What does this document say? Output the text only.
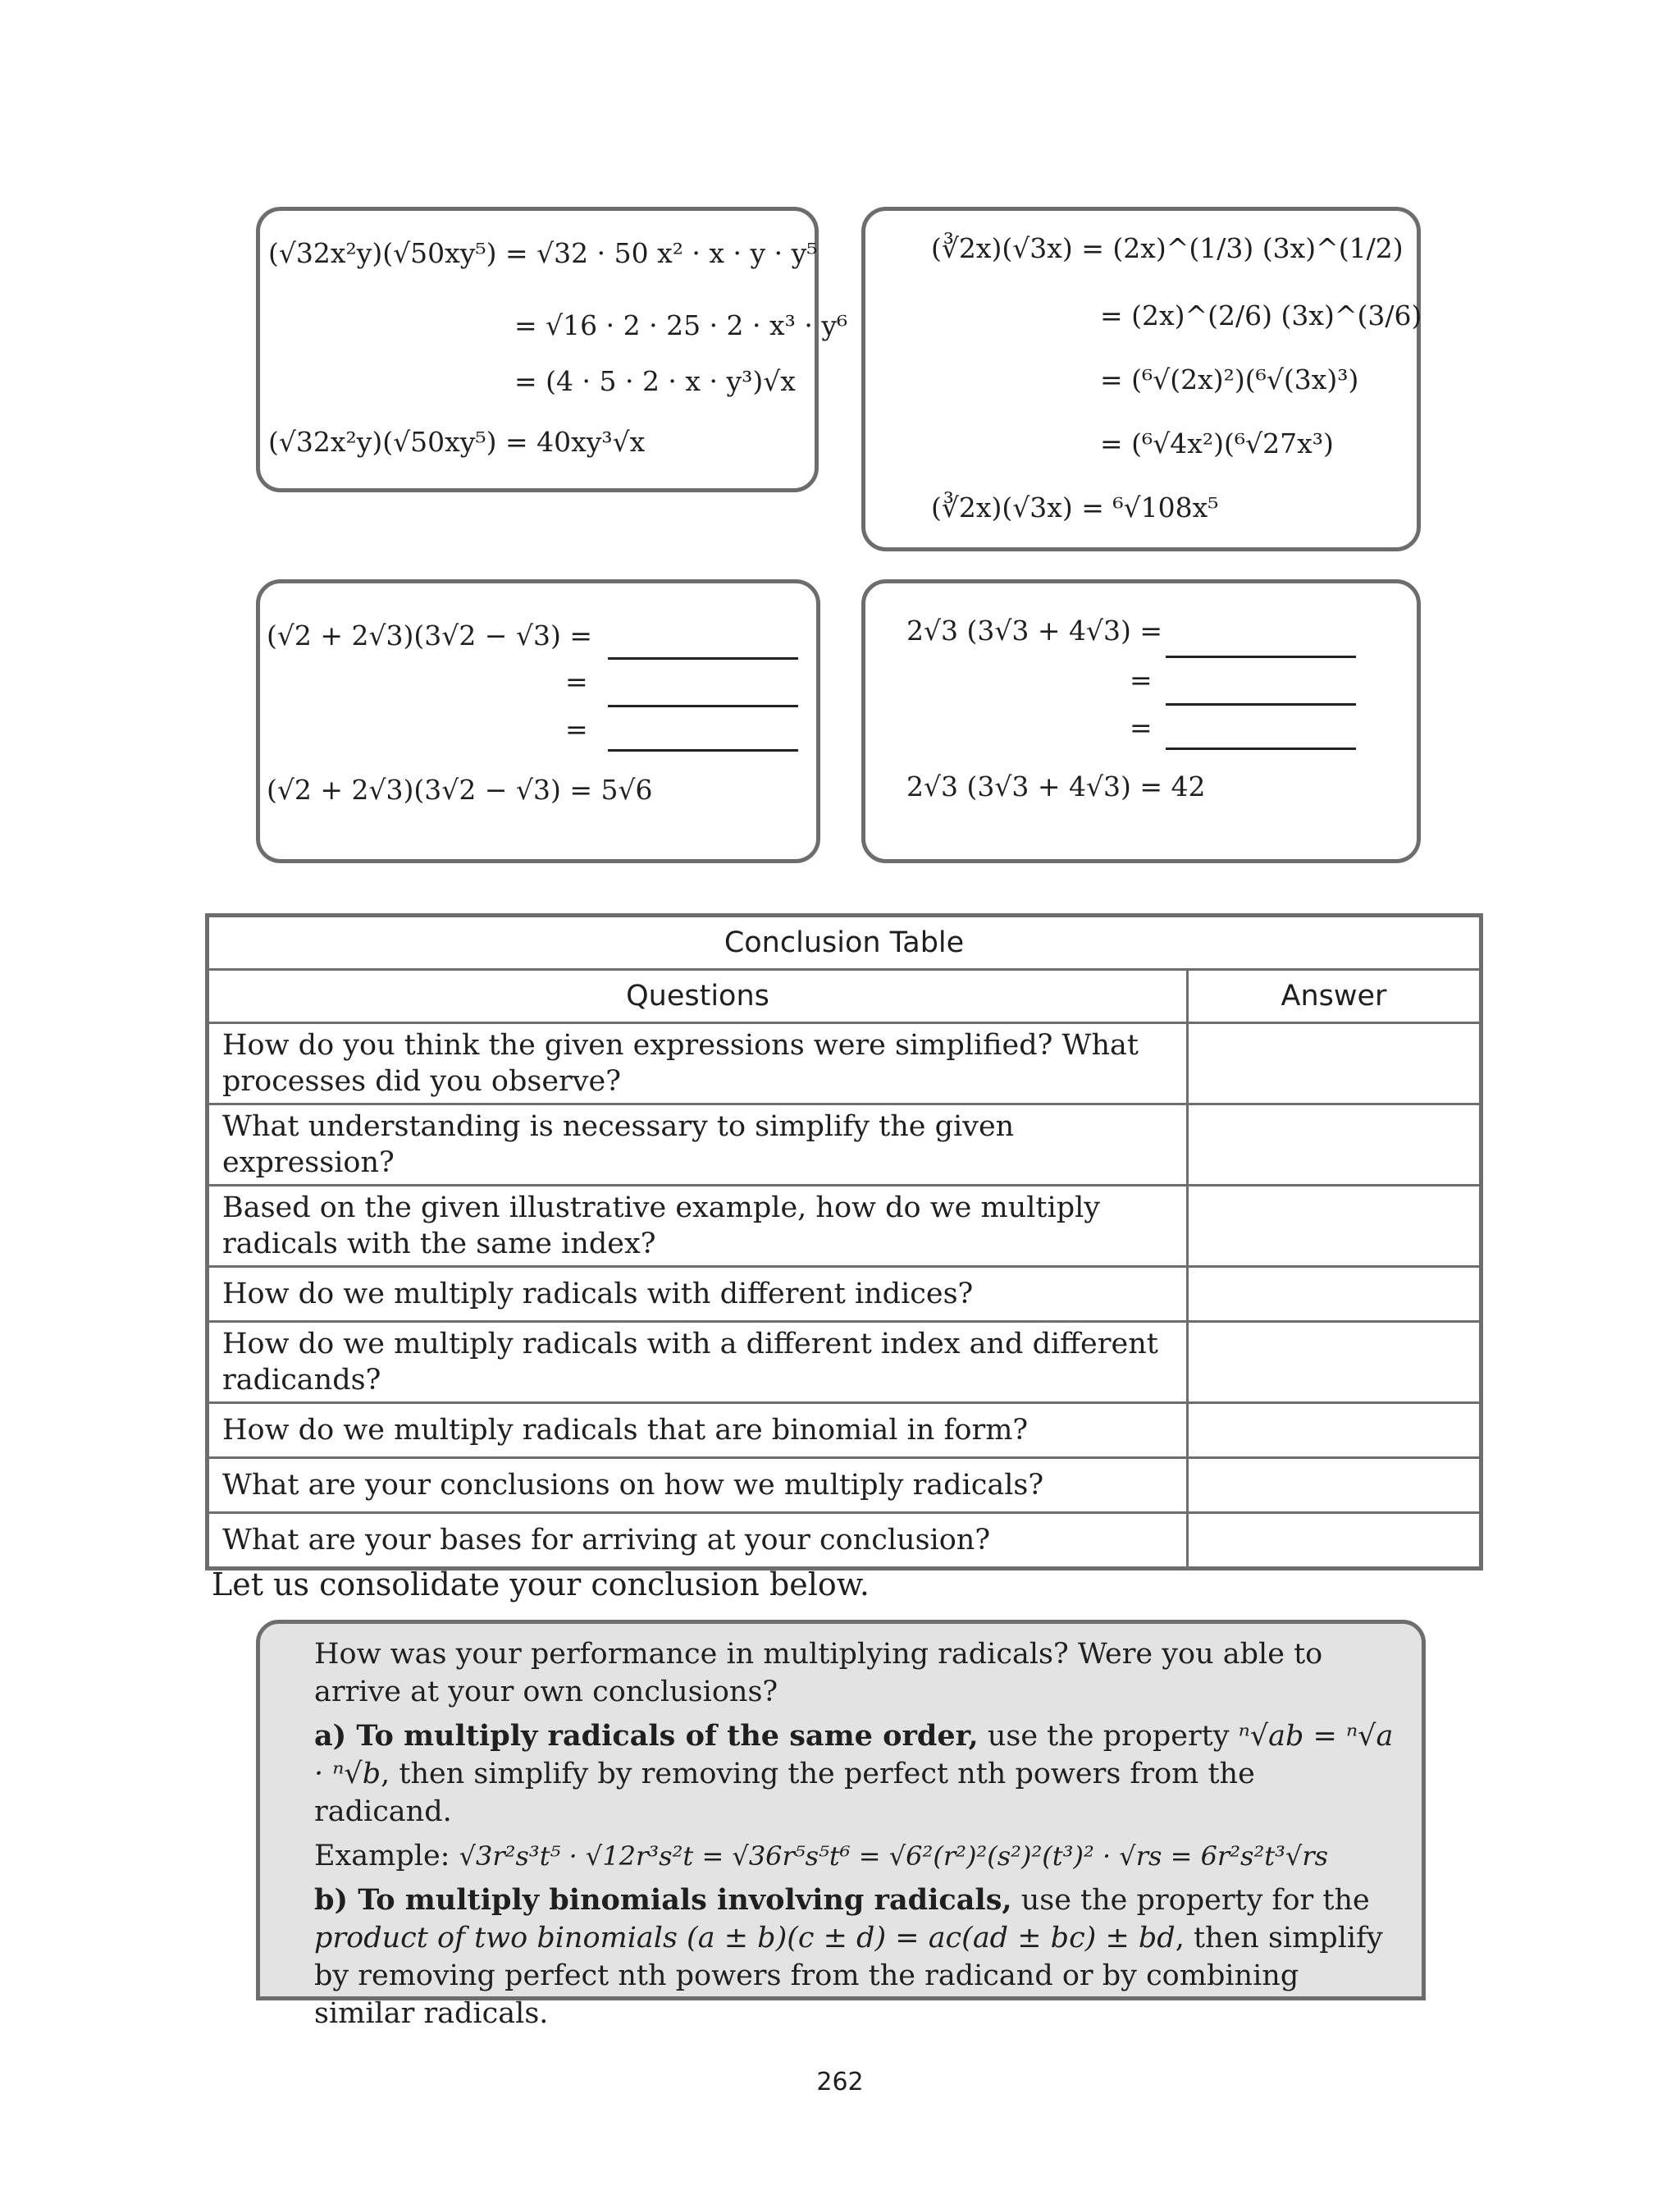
(√32x²y)(√50xy⁵) = √32 · 50 x² · x · y · y⁵
= √16 · 2 · 25 · 2 · x³ · y⁶
= (4 · 5 · 2 · x · y³)√x
(√32x²y)(√50xy⁵) = 40xy³√x
(∛2x)(√3x) = (2x)^(1/3) (3x)^(1/2)
= (2x)^(2/6) (3x)^(3/6)
= (⁶√(2x)²)(⁶√(3x)³)
= (⁶√4x²)(⁶√27x³)
(∛2x)(√3x) = ⁶√108x⁵
(√2 + 2√3)(3√2 − √3) =
=
=
(√2 + 2√3)(3√2 − √3) = 5√6
2√3 (3√3 + 4√3) =
=
=
2√3 (3√3 + 4√3) = 42
Conclusion Table	
Questions	Answer
How do you think the given expressions were simplified? What processes did you observe?	
What understanding is necessary to simplify the given expression?	
Based on the given illustrative example, how do we multiply radicals with the same index?	
How do we multiply radicals with different indices?	
How do we multiply radicals with a different index and different radicands?	
How do we multiply radicals that are binomial in form?	
What are your conclusions on how we multiply radicals?	
What are your bases for arriving at your conclusion?	
Let us consolidate your conclusion below.

How was your performance in multiplying radicals? Were you able to arrive at your own conclusions?

a) To multiply radicals of the same order, use the property ⁿ√ab = ⁿ√a · ⁿ√b, then simplify by removing the perfect nth powers from the radicand.

Example: √3r²s³t⁵ · √12r³s²t = √36r⁵s⁵t⁶ = √6²(r²)²(s²)²(t³)² · √rs = 6r²s²t³√rs

b) To multiply binomials involving radicals, use the property for the product of two binomials (a ± b)(c ± d) = ac(ad ± bc) ± bd, then simplify by removing perfect nth powers from the radicand or by combining similar radicals.

262
